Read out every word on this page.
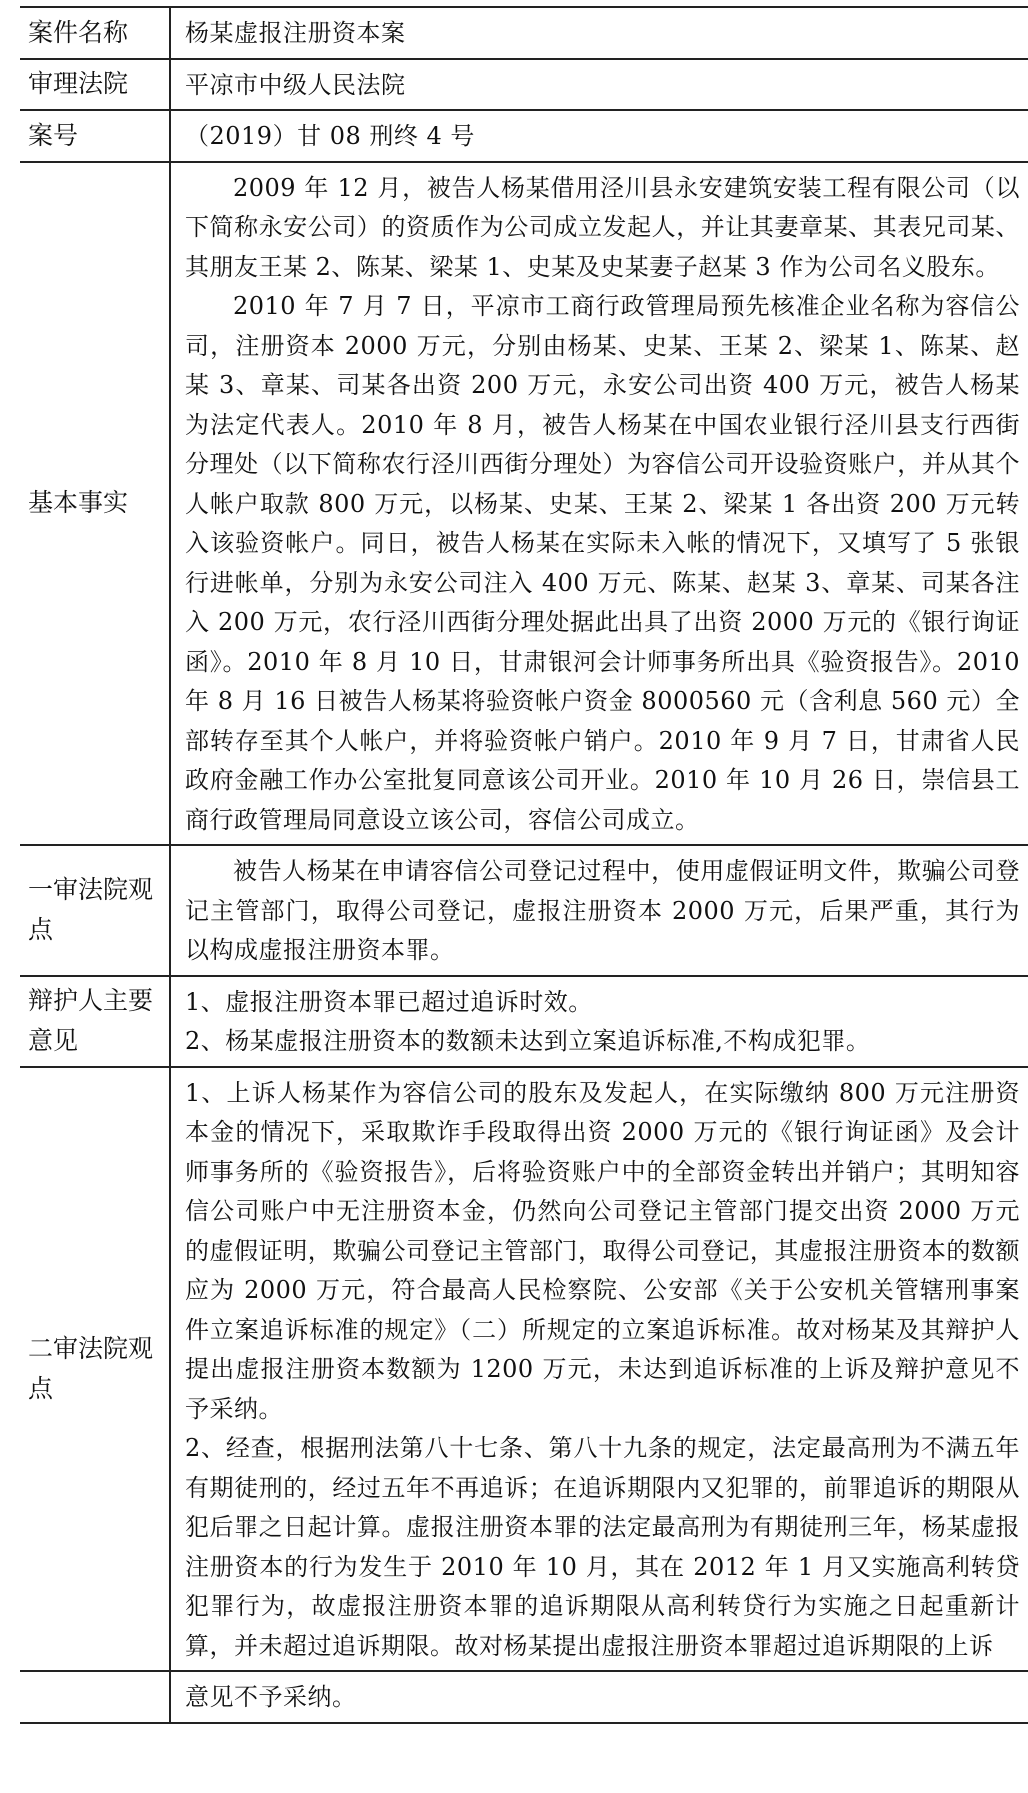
案件名称	杨某虚报注册资本案

审理法院	平凉市中级人民法院

案号	（2019）甘 08 刑终 4 号

基本事实	2009 年 12 月，被告人杨某借用泾川县永安建筑安装工程有限公司（以下简称永安公司）的资质作为公司成立发起人，并让其妻章某、其表兄司某、其朋友王某 2、陈某、梁某 1、史某及史某妻子赵某 3 作为公司名义股东。

2010 年 7 月 7 日，平凉市工商行政管理局预先核准企业名称为容信公司，注册资本 2000 万元，分别由杨某、史某、王某 2、梁某 1、陈某、赵某 3、章某、司某各出资 200 万元，永安公司出资 400 万元，被告人杨某为法定代表人。2010 年 8 月，被告人杨某在中国农业银行泾川县支行西街分理处（以下简称农行泾川西街分理处）为容信公司开设验资账户，并从其个人帐户取款 800 万元，以杨某、史某、王某 2、梁某 1 各出资 200 万元转入该验资帐户。同日，被告人杨某在实际未入帐的情况下，又填写了 5 张银行进帐单，分别为永安公司注入 400 万元、陈某、赵某 3、章某、司某各注入 200 万元，农行泾川西街分理处据此出具了出资 2000 万元的《银行询证函》。2010 年 8 月 10 日，甘肃银河会计师事务所出具《验资报告》。2010 年 8 月 16 日被告人杨某将验资帐户资金 8000560 元（含利息 560 元）全部转存至其个人帐户，并将验资帐户销户。2010 年 9 月 7 日，甘肃省人民政府金融工作办公室批复同意该公司开业。2010 年 10 月 26 日，崇信县工商行政管理局同意设立该公司，容信公司成立。

一审法院观点	被告人杨某在申请容信公司登记过程中，使用虚假证明文件，欺骗公司登记主管部门，取得公司登记，虚报注册资本 2000 万元，后果严重，其行为以构成虚报注册资本罪。

辩护人主要意见	1、虚报注册资本罪已超过追诉时效。

2、杨某虚报注册资本的数额未达到立案追诉标准,不构成犯罪。

二审法院观点	1、上诉人杨某作为容信公司的股东及发起人，在实际缴纳 800 万元注册资本金的情况下，采取欺诈手段取得出资 2000 万元的《银行询证函》及会计师事务所的《验资报告》，后将验资账户中的全部资金转出并销户；其明知容信公司账户中无注册资本金，仍然向公司登记主管部门提交出资 2000 万元的虚假证明，欺骗公司登记主管部门，取得公司登记，其虚报注册资本的数额应为 2000 万元，符合最高人民检察院、公安部《关于公安机关管辖刑事案件立案追诉标准的规定》（二）所规定的立案追诉标准。故对杨某及其辩护人提出虚报注册资本数额为 1200 万元，未达到追诉标准的上诉及辩护意见不予采纳。

2、经查，根据刑法第八十七条、第八十九条的规定，法定最高刑为不满五年有期徒刑的，经过五年不再追诉；在追诉期限内又犯罪的，前罪追诉的期限从犯后罪之日起计算。虚报注册资本罪的法定最高刑为有期徒刑三年，杨某虚报注册资本的行为发生于 2010 年 10 月，其在 2012 年 1 月又实施高利转贷犯罪行为，故虚报注册资本罪的追诉期限从高利转贷行为实施之日起重新计算，并未超过追诉期限。故对杨某提出虚报注册资本罪超过追诉期限的上诉

	意见不予采纳。
